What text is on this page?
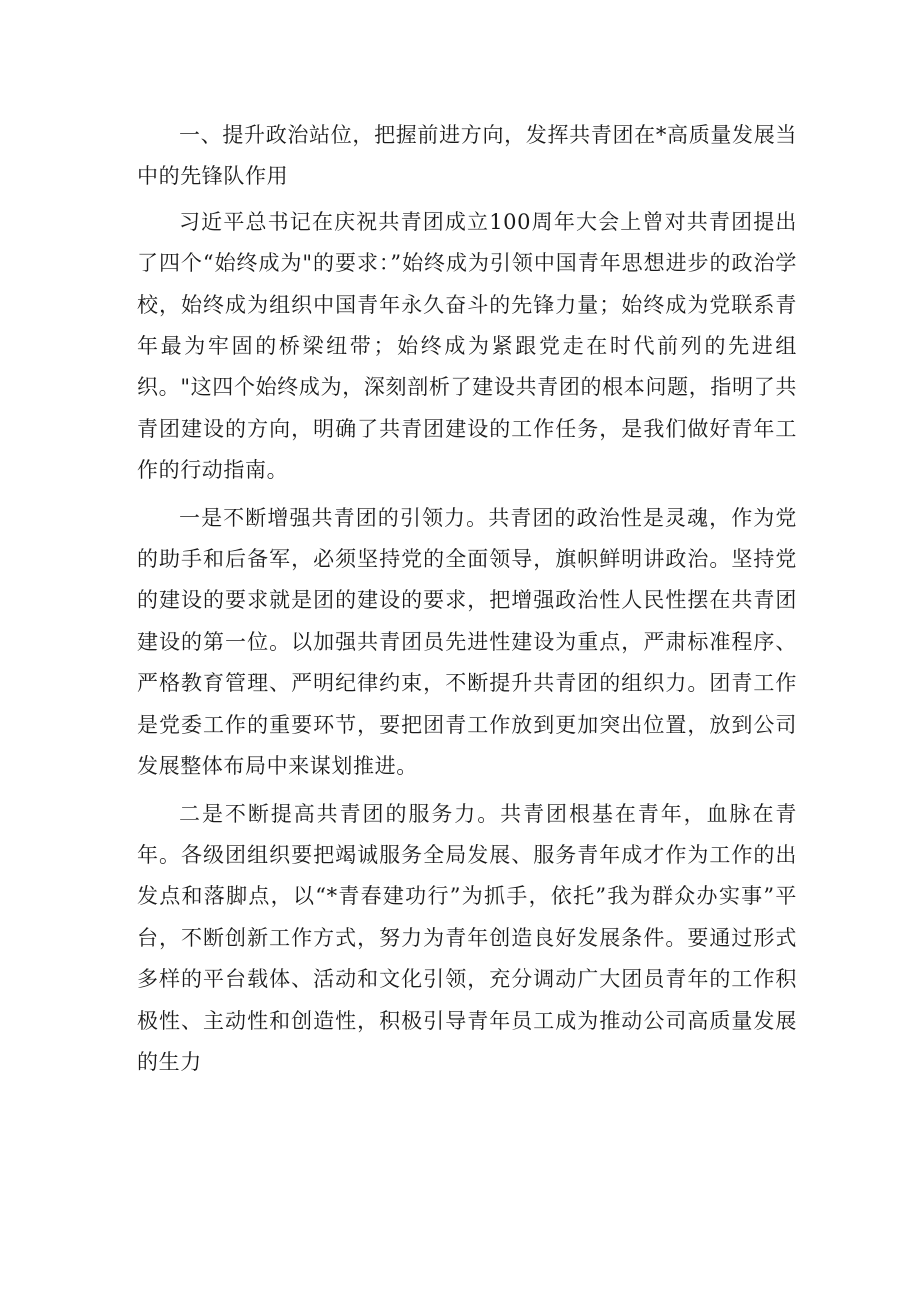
一、提升政治站位，把握前进方向，发挥共青团在*高质量发展当中的先锋队作用

习近平总书记在庆祝共青团成立100周年大会上曾对共青团提出了四个“始终成为"的要求：”始终成为引领中国青年思想进步的政治学校，始终成为组织中国青年永久奋斗的先锋力量；始终成为党联系青年最为牢固的桥梁纽带；始终成为紧跟党走在时代前列的先进组织。"这四个始终成为，深刻剖析了建设共青团的根本问题，指明了共青团建设的方向，明确了共青团建设的工作任务，是我们做好青年工作的行动指南。

一是不断增强共青团的引领力。共青团的政治性是灵魂，作为党的助手和后备军，必须坚持党的全面领导，旗帜鲜明讲政治。坚持党的建设的要求就是团的建设的要求，把增强政治性人民性摆在共青团建设的第一位。以加强共青团员先进性建设为重点，严肃标准程序、严格教育管理、严明纪律约束，不断提升共青团的组织力。团青工作是党委工作的重要环节，要把团青工作放到更加突出位置，放到公司发展整体布局中来谋划推进。

二是不断提高共青团的服务力。共青团根基在青年，血脉在青年。各级团组织要把竭诚服务全局发展、服务青年成才作为工作的出发点和落脚点，以“*青春建功行”为抓手，依托”我为群众办实事”平台，不断创新工作方式，努力为青年创造良好发展条件。要通过形式多样的平台载体、活动和文化引领，充分调动广大团员青年的工作积极性、主动性和创造性，积极引导青年员工成为推动公司高质量发展的生力
